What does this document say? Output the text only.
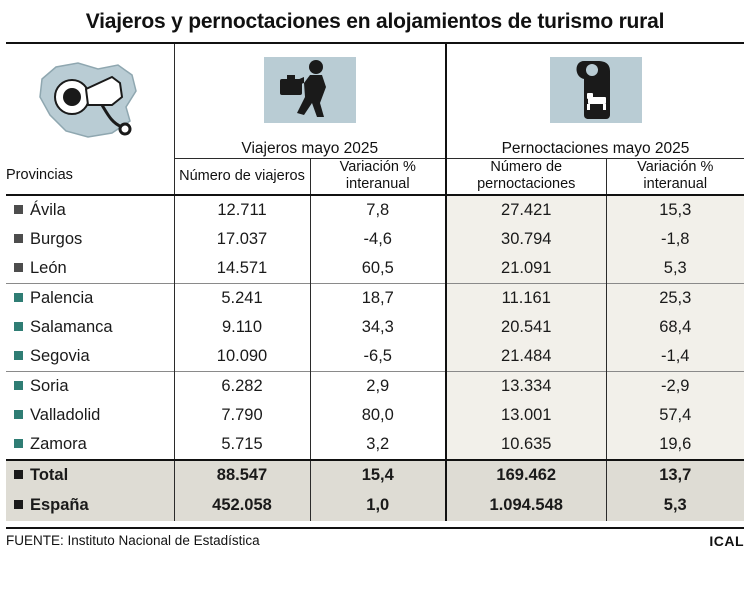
Viajeros y pernoctaciones en alojamientos de turismo rural

	Viajeros mayo 2025		Pernoctaciones mayo 2025	
Provincias	Número de viajeros	Variación % interanual	Número de pernoctaciones	Variación % interanual
Ávila	12.711	7,8	27.421	15,3
Burgos	17.037	-4,6	30.794	-1,8
León	14.571	60,5	21.091	5,3
Palencia	5.241	18,7	11.161	25,3
Salamanca	9.110	34,3	20.541	68,4
Segovia	10.090	-6,5	21.484	-1,4
Soria	6.282	2,9	13.334	-2,9
Valladolid	7.790	80,0	13.001	57,4
Zamora	5.715	3,2	10.635	19,6
Total	88.547	15,4	169.462	13,7
España	452.058	1,0	1.094.548	5,3
FUENTE: Instituto Nacional de Estadística	ICAL
